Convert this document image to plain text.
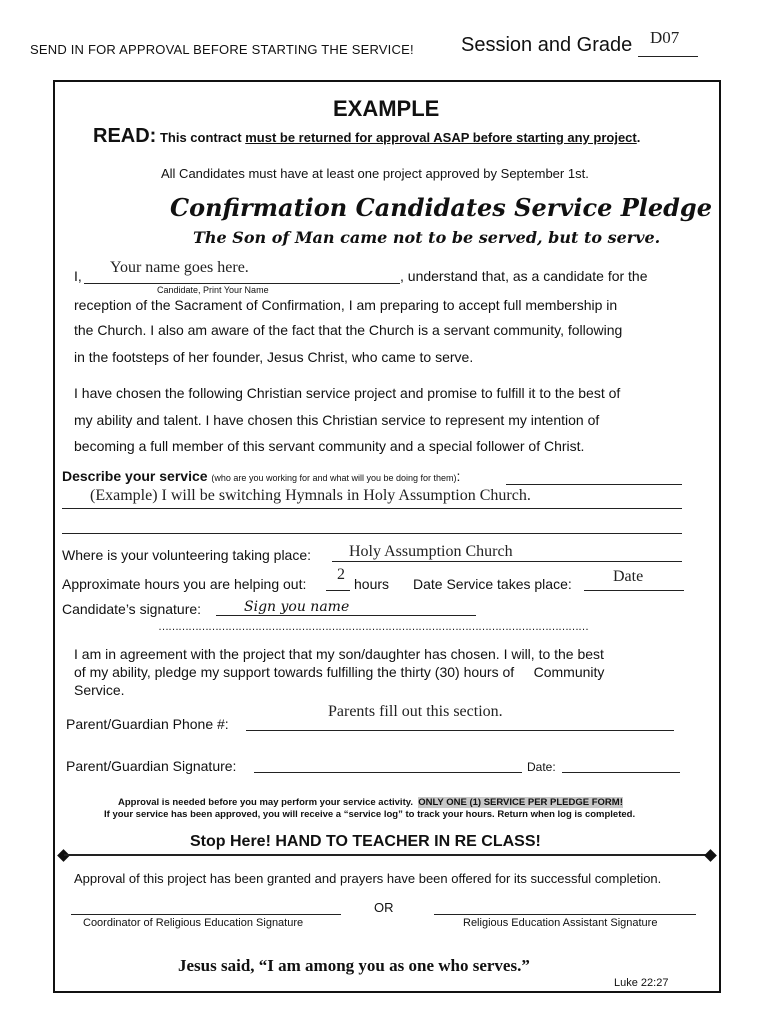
SEND IN FOR APPROVAL BEFORE STARTING THE SERVICE! Session and Grade D07
EXAMPLE
READ: This contract must be returned for approval ASAP before starting any project.
All Candidates must have at least one project approved by September 1st.
Confirmation Candidates Service Pledge
The Son of Man came not to be served, but to serve.
I, Your name goes here.
Candidate, Print Your Name
, understand that, as a candidate for the
reception of the Sacrament of Confirmation, I am preparing to accept full membership in
the Church. I also am aware of the fact that the Church is a servant community, following
in the footsteps of her founder, Jesus Christ, who came to serve.
I have chosen the following Christian service project and promise to fulfill it to the best of
my ability and talent. I have chosen this Christian service to represent my intention of
becoming a full member of this servant community and a special follower of Christ.
Describe your service (who are you working for and what will you be doing for them):
(Example) I will be switching Hymnals in Holy Assumption Church.
Where is your volunteering taking place: Holy Assumption Church
Approximate hours you are helping out:
2
hours Date Service takes place:	Date
Candidate’s signature:	Sign you name
…………………………………………………………………………………………………………………
I am in agreement with the project that my son/daughter has chosen. I will, to the best
of my ability, pledge my support towards fulfilling the thirty (30) hours of     Community
Service.
Parents fill out this section.
Parent/Guardian Phone #:
Parent/Guardian Signature:	Date:
Approval is needed before you may perform your service activity.  ONLY ONE (1) SERVICE PER PLEDGE FORM!
If your service has been approved, you will receive a “service log” to track your hours. Return when log is completed.
Stop Here! HAND TO TEACHER IN RE CLASS!
Approval of this project has been granted and prayers have been offered for its successful completion.
OR
Coordinator of Religious Education Signature	Religious Education Assistant Signature
Jesus said, “I am among you as one who serves.”
Luke 22:27
